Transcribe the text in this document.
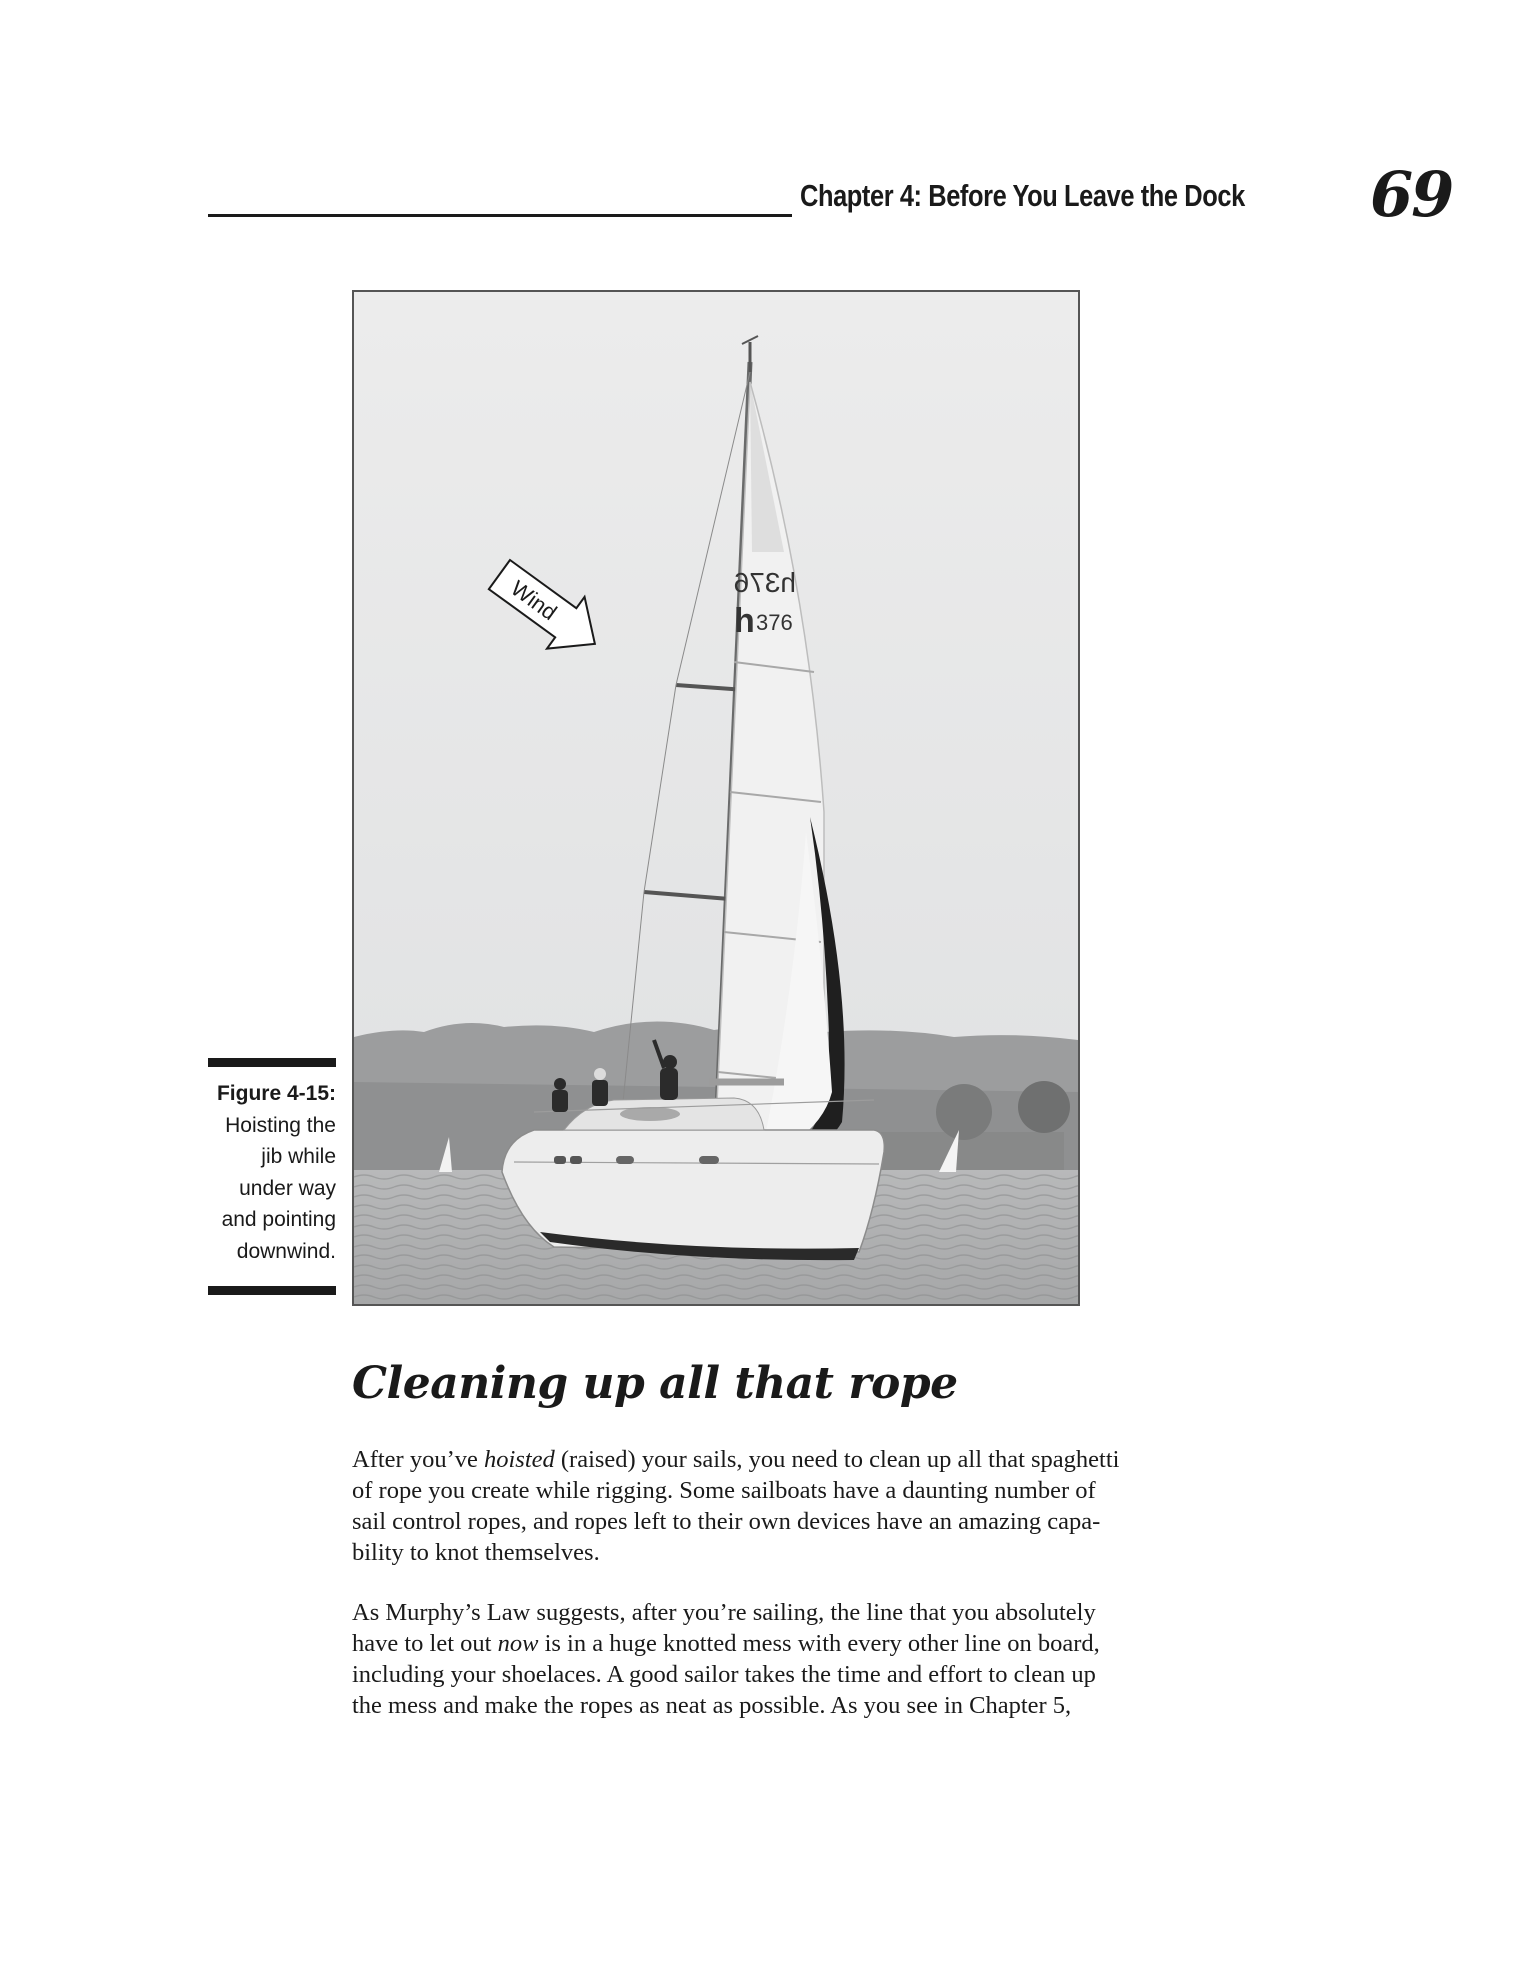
Chapter 4: Before You Leave the Dock 69
Wind	h376
h 376
Figure 4-15:
Hoisting the
jib while
under way
and pointing
downwind.
Cleaning up all that rope
After you’ve hoisted (raised) your sails, you need to clean up all that spaghetti
of rope you create while rigging. Some sailboats have a daunting number of
sail control ropes, and ropes left to their own devices have an amazing capa-
bility to knot themselves.
As Murphy’s Law suggests, after you’re sailing, the line that you absolutely
have to let out now is in a huge knotted mess with every other line on board,
including your shoelaces. A good sailor takes the time and effort to clean up
the mess and make the ropes as neat as possible. As you see in Chapter 5,
